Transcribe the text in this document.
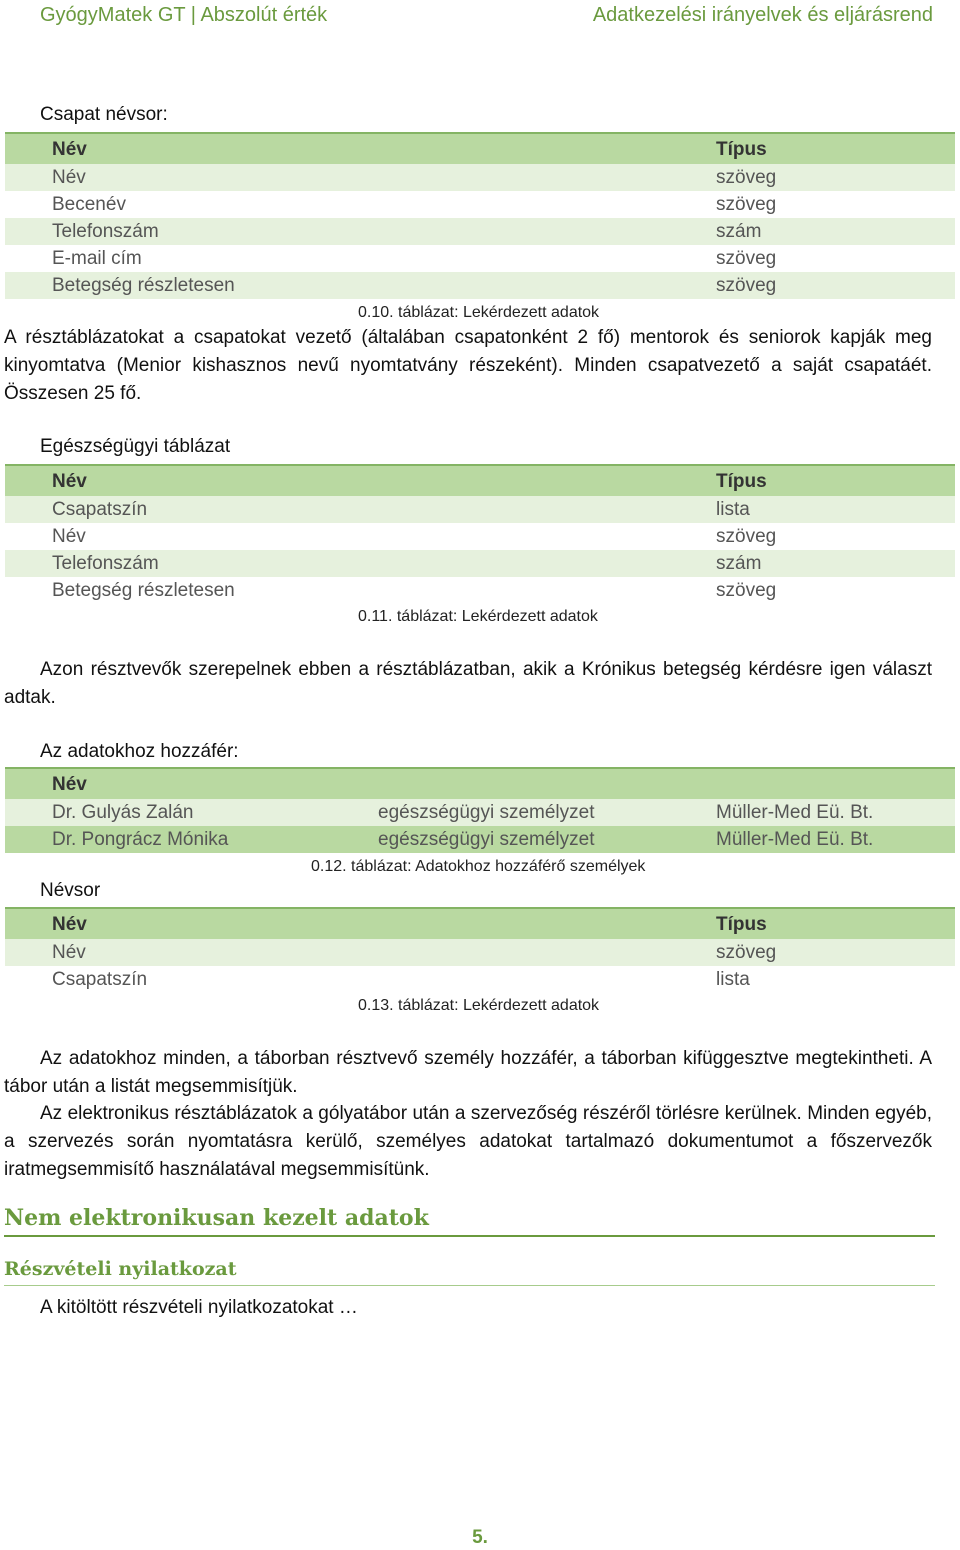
GyógyMatek GT | Abszolút érték	Adatkezelési irányelvek és eljárásrend
Csapat névsor:
Név	Típus
Név	szöveg
Becenév	szöveg
Telefonszám	szám
E-mail cím	szöveg
Betegség részletesen	szöveg
0.10. táblázat: Lekérdezett adatok
A résztáblázatokat a csapatokat vezető (általában csapatonként 2 fő) mentorok és seniorok kapják meg kinyomtatva (Menior kishasznos nevű nyomtatvány részeként). Minden csapatvezető a saját csapatáét. Összesen 25 fő.
Egészségügyi táblázat
Név	Típus
Csapatszín	lista
Név	szöveg
Telefonszám	szám
Betegség részletesen	szöveg
0.11. táblázat: Lekérdezett adatok
Azon résztvevők szerepelnek ebben a résztáblázatban, akik a Krónikus betegség kérdésre igen választ adtak.
Az adatokhoz hozzáfér:
Név
Dr. Gulyás Zalán	egészségügyi személyzet	Müller-Med Eü. Bt.
Dr. Pongrácz Mónika	egészségügyi személyzet	Müller-Med Eü. Bt.
0.12. táblázat: Adatokhoz hozzáférő személyek
Névsor
Név	Típus
Név	szöveg
Csapatszín	lista
0.13. táblázat: Lekérdezett adatok
Az adatokhoz minden, a táborban résztvevő személy hozzáfér, a táborban kifüggesztve megtekintheti. A tábor után a listát megsemmisítjük.
Az elektronikus résztáblázatok a gólyatábor után a szervezőség részéről törlésre kerülnek. Minden egyéb, a szervezés során nyomtatásra kerülő, személyes adatokat tartalmazó dokumentumot a főszervezők iratmegsemmisítő használatával megsemmisítünk.
Nem elektronikusan kezelt adatok
Részvételi nyilatkozat
A kitöltött részvételi nyilatkozatokat …
5.
